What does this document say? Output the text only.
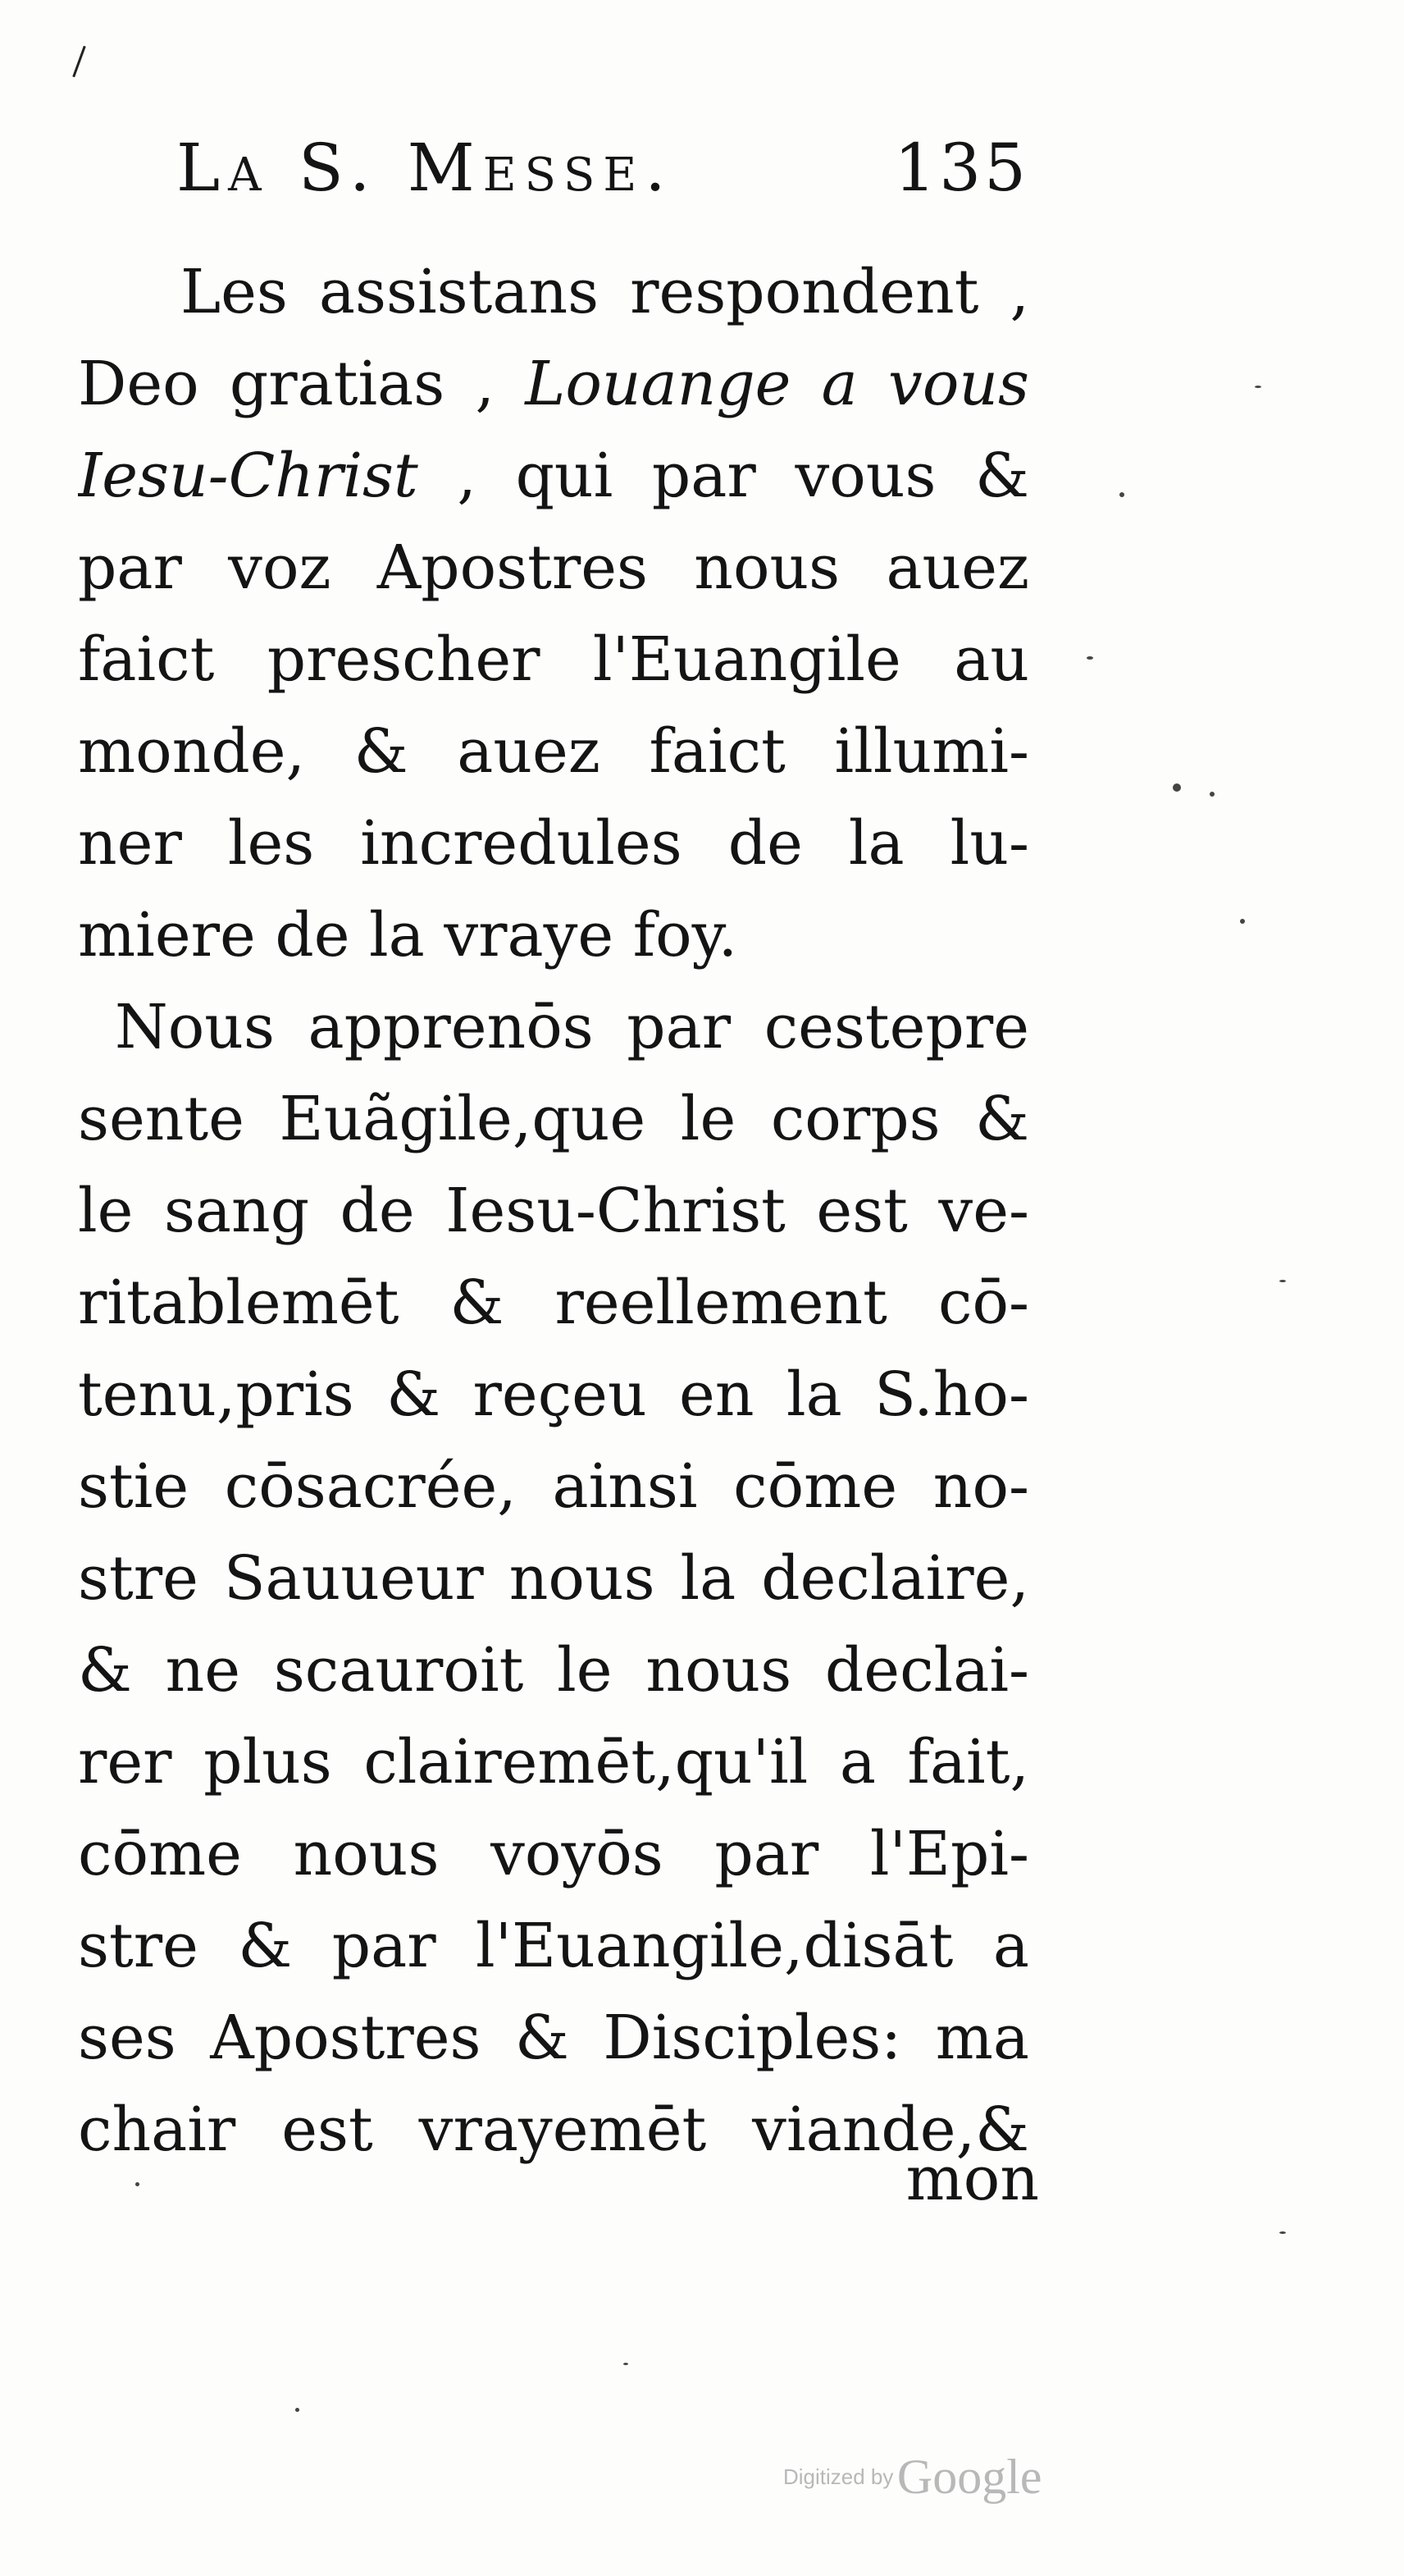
La S. Messe.	135
Les assistans respondent ,
Deo gratias , Louange a vous
Iesu-Christ , qui par vous &
par voz Apostres nous auez
faict prescher l'Euangile au
monde, & auez faict illumi-
ner les incredules de la lu-
miere de la vraye foy.
Nous apprenōs par cestepre
sente Euãgile,que le corps &
le sang de Iesu-Christ est ve-
ritablemēt & reellement cō-
tenu,pris & reçeu en la S.ho-
stie cōsacrée, ainsi cōme no-
stre Sauueur nous la declaire,
& ne scauroit le nous declai-
rer plus clairemēt,qu'il a fait,
cōme nous voyōs par l'Epi-
stre & par l'Euangile,disāt a
ses Apostres & Disciples: ma
chair est vrayemēt viande,&
mon
Digitized by Google
